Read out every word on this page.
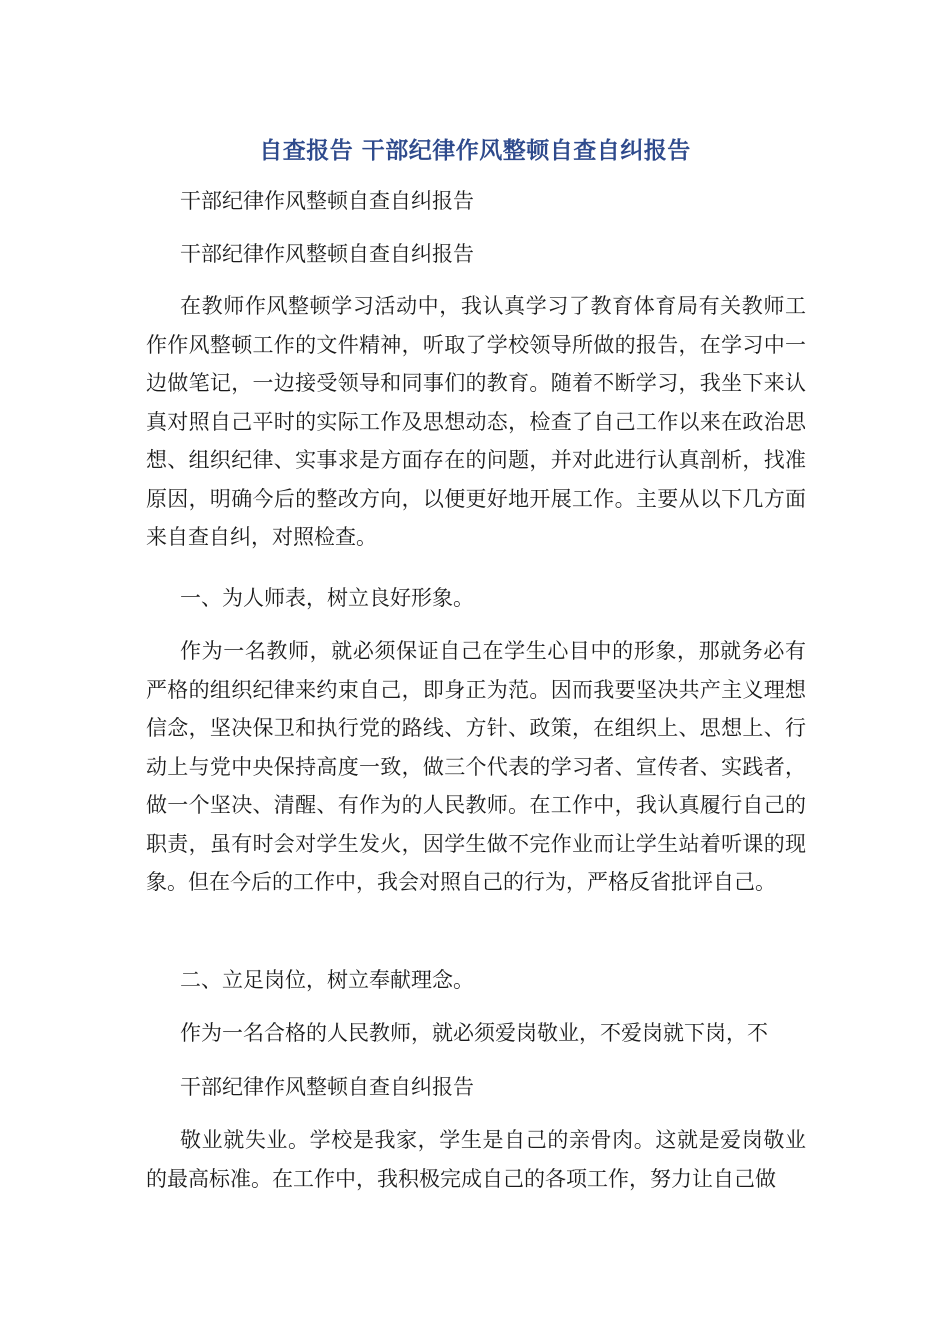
自查报告 干部纪律作风整顿自查自纠报告

干部纪律作风整顿自查自纠报告

干部纪律作风整顿自查自纠报告

在教师作风整顿学习活动中，我认真学习了教育体育局有关教师工作作风整顿工作的文件精神，听取了学校领导所做的报告，在学习中一边做笔记，一边接受领导和同事们的教育。随着不断学习，我坐下来认真对照自己平时的实际工作及思想动态，检查了自己工作以来在政治思想、组织纪律、实事求是方面存在的问题，并对此进行认真剖析，找准原因，明确今后的整改方向，以便更好地开展工作。主要从以下几方面来自查自纠，对照检查。

一、为人师表，树立良好形象。

作为一名教师，就必须保证自己在学生心目中的形象，那就务必有严格的组织纪律来约束自己，即身正为范。因而我要坚决共产主义理想信念，坚决保卫和执行党的路线、方针、政策，在组织上、思想上、行动上与党中央保持高度一致，做三个代表的学习者、宣传者、实践者，做一个坚决、清醒、有作为的人民教师。在工作中，我认真履行自己的职责，虽有时会对学生发火，因学生做不完作业而让学生站着听课的现象。但在今后的工作中，我会对照自己的行为，严格反省批评自己。

二、立足岗位，树立奉献理念。

作为一名合格的人民教师，就必须爱岗敬业，不爱岗就下岗，不

干部纪律作风整顿自查自纠报告

敬业就失业。学校是我家，学生是自己的亲骨肉。这就是爱岗敬业的最高标准。在工作中，我积极完成自己的各项工作，努力让自己做
